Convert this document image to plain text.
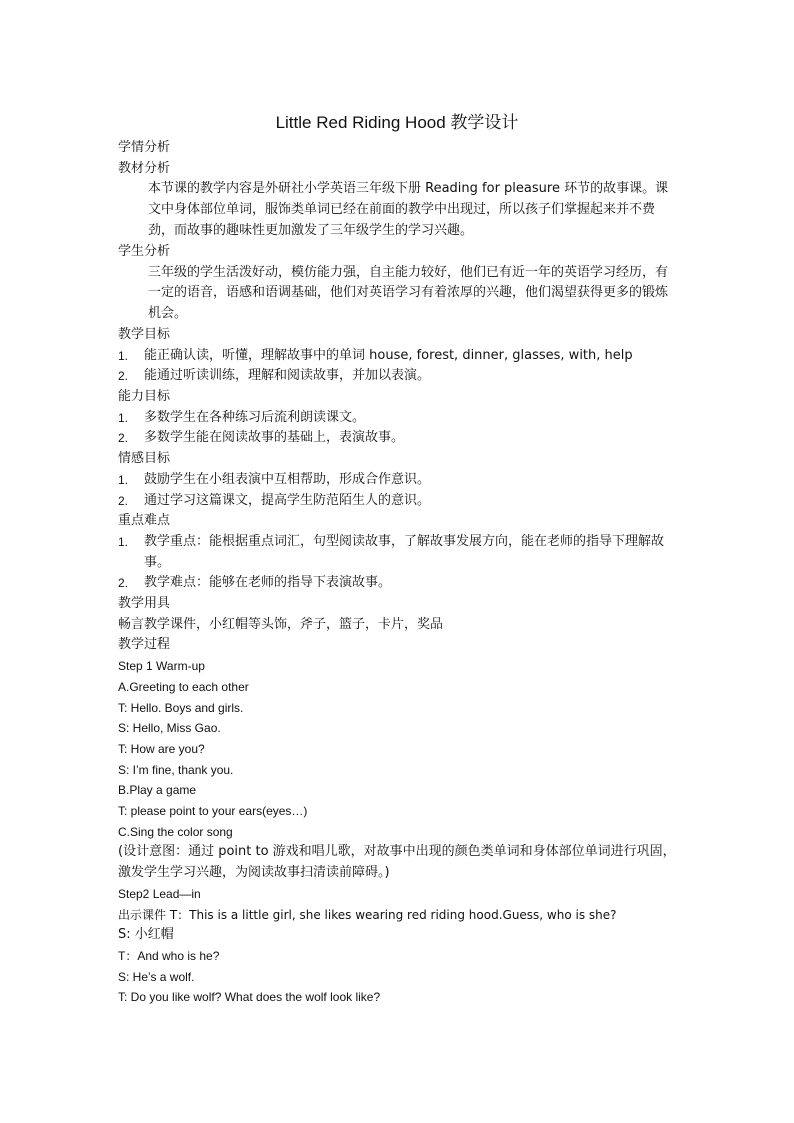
Little Red Riding Hood 教学设计
学情分析
教材分析
本节课的教学内容是外研社小学英语三年级下册 Reading for pleasure 环节的故事课。课文中身体部位单词，服饰类单词已经在前面的教学中出现过，所以孩子们掌握起来并不费劲，而故事的趣味性更加激发了三年级学生的学习兴趣。
学生分析
三年级的学生活泼好动，模仿能力强，自主能力较好，他们已有近一年的英语学习经历，有一定的语音，语感和语调基础，他们对英语学习有着浓厚的兴趣，他们渴望获得更多的锻炼机会。
教学目标
1.	能正确认读，听懂，理解故事中的单词 house, forest, dinner, glasses, with, help
2.	能通过听读训练，理解和阅读故事，并加以表演。
能力目标
1.	多数学生在各种练习后流利朗读课文。
2.	多数学生能在阅读故事的基础上，表演故事。
情感目标
1.	鼓励学生在小组表演中互相帮助，形成合作意识。
2.	通过学习这篇课文，提高学生防范陌生人的意识。
重点难点
1.	教学重点：能根据重点词汇，句型阅读故事，了解故事发展方向，能在老师的指导下理解故事。
2.	教学难点：能够在老师的指导下表演故事。
教学用具
畅言教学课件，小红帽等头饰，斧子，篮子，卡片，奖品
教学过程
Step 1 Warm-up
A.Greeting to each other
T: Hello. Boys and girls.
S: Hello, Miss Gao.
T: How are you?
S: I’m fine, thank you.
B.Play a game
T: please point to your ears(eyes…)
C.Sing the color song
(设计意图：通过 point to 游戏和唱儿歌，对故事中出现的颜色类单词和身体部位单词进行巩固，激发学生学习兴趣，为阅读故事扫清读前障碍。)
Step2 Lead—in
出示课件 T：This is a little girl, she likes wearing red riding hood.Guess, who is she?
S: 小红帽
T：And who is he?
S: He’s a wolf.
T: Do you like wolf? What does the wolf look like?
